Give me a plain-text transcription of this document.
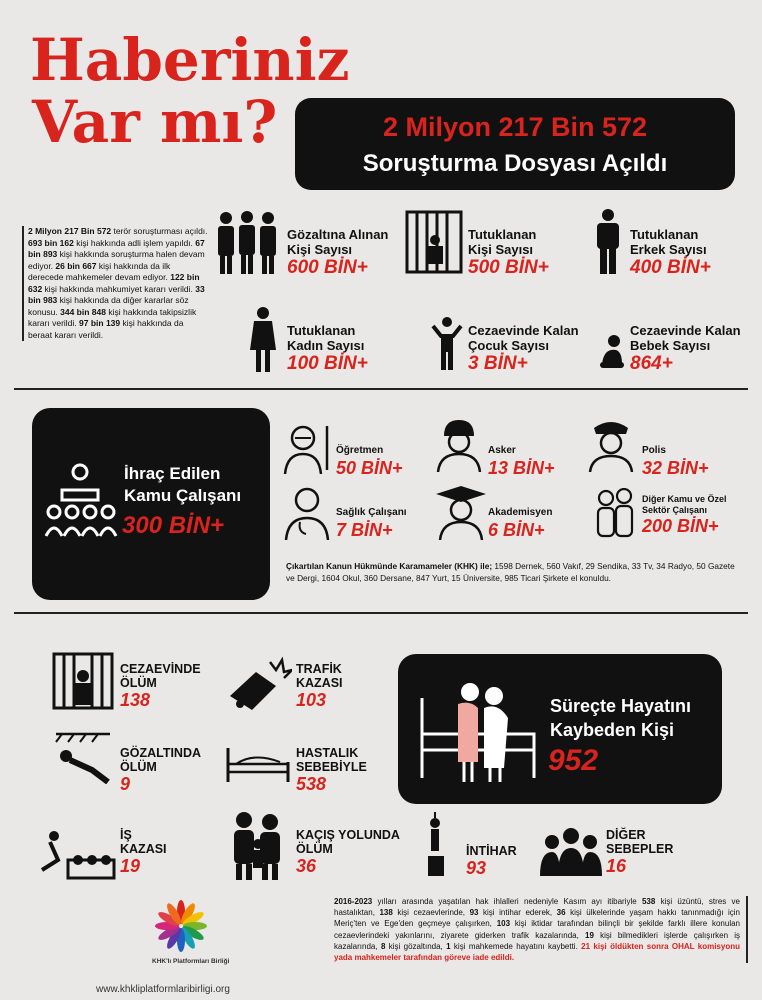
Haberiniz
Var mı?	2 Milyon 217 Bin 572
Soruşturma Dosyası Açıldı
2 Milyon 217 Bin 572 terör soruşturması açıldı. 693 bin 162 kişi hakkında adli işlem yapıldı. 67 bin 893 kişi hakkında soruşturma halen devam ediyor. 26 bin 667 kişi hakkında da ilk derecede mahkemeler devam ediyor. 122 bin 632 kişi hakkında mahkumiyet kararı verildi. 33 bin 983 kişi hakkında da diğer kararlar söz konusu. 344 bin 848 kişi hakkında takipsizlik kararı verildi. 97 bin 139 kişi hakkında da beraat kararı verildi.
Gözaltına Alınan
Kişi Sayısı
600 BİN+
Tutuklanan
Kişi Sayısı
500 BİN+
Tutuklanan
Erkek Sayısı
400 BİN+
Tutuklanan
Kadın Sayısı
100 BİN+
Cezaevinde Kalan
Çocuk Sayısı
3 BİN+
Cezaevinde Kalan
Bebek Sayısı
864+
İhraç Edilen
Kamu Çalışanı
300 BİN+
Öğretmen
50 BİN+
Asker
13 BİN+
Polis
32 BİN+
Sağlık Çalışanı
7 BİN+
Akademisyen
6 BİN+
Diğer Kamu ve Özel Sektör Çalışanı
200 BİN+
Çıkartılan Kanun Hükmünde Karamameler (KHK) ile; 1598 Dernek, 560 Vakıf, 29 Sendika, 33 Tv, 34 Radyo, 50 Gazete ve Dergi, 1604 Okul, 360 Dersane, 847 Yurt, 15 Üniversite, 985 Ticari Şirkete el konuldu.
Süreçte Hayatını
Kaybeden Kişi
952
CEZAEVİNDE
ÖLÜM
138
TRAFİK
KAZASI
103
GÖZALTINDA
ÖLÜM
9
HASTALIK
SEBEBİYLE
538
İŞ
KAZASI
19
KAÇIŞ YOLUNDA
ÖLÜM
36
İNTİHAR
93
DİĞER
SEBEPLER
16
2016-2023 yılları arasında yaşatılan hak ihlalleri nedeniyle Kasım ayı itibariyle 538 kişi üzüntü, stres ve hastalıktan, 138 kişi cezaevlerinde, 93 kişi intihar ederek, 36 kişi ülkelerinde yaşam hakkı tanınmadığı için Meriç'ten ve Ege'den geçmeye çalışırken, 103 kişi iktidar tarafından bilinçli bir şekilde farklı illere konulan cezaevlerindeki yakınlarını, ziyarete giderken trafik kazalarında, 19 kişi bilmedikleri işlerde çalışırken iş kazalarında, 8 kişi gözaltında, 1 kişi mahkemede hayatını kaybetti. 21 kişi öldükten sonra OHAL komisyonu yada mahkemeler tarafından göreve iade edildi.
KHK'lı Platformları Birliği
www.khkliplatformlaribirligi.org
